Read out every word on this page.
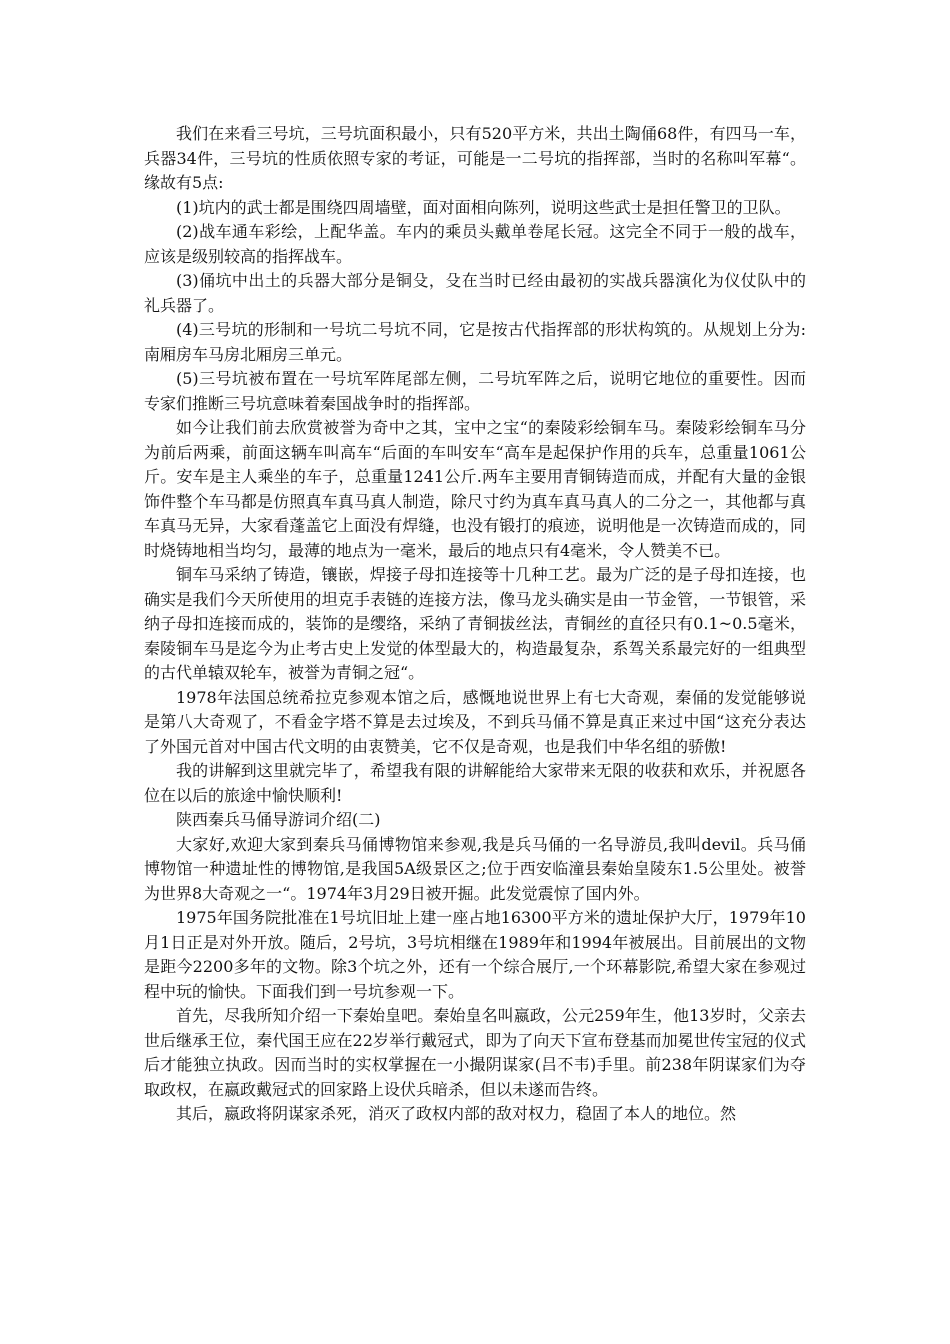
我们在来看三号坑，三号坑面积最小，只有520平方米，共出土陶俑68件，有四马一车，兵器34件，三号坑的性质依照专家的考证，可能是一二号坑的指挥部，当时的名称叫军幕“。缘故有5点:

(1)坑内的武士都是围绕四周墙壁，面对面相向陈列，说明这些武士是担任警卫的卫队。

(2)战车通车彩绘，上配华盖。车内的乘员头戴单卷尾长冠。这完全不同于一般的战车，应该是级别较高的指挥战车。

(3)俑坑中出土的兵器大部分是铜殳，殳在当时已经由最初的实战兵器演化为仪仗队中的礼兵器了。

(4)三号坑的形制和一号坑二号坑不同，它是按古代指挥部的形状构筑的。从规划上分为:南厢房车马房北厢房三单元。

(5)三号坑被布置在一号坑军阵尾部左侧，二号坑军阵之后，说明它地位的重要性。因而专家们推断三号坑意味着秦国战争时的指挥部。

如今让我们前去欣赏被誉为奇中之其，宝中之宝“的秦陵彩绘铜车马。秦陵彩绘铜车马分为前后两乘，前面这辆车叫高车“后面的车叫安车“高车是起保护作用的兵车，总重量1061公斤。安车是主人乘坐的车子，总重量1241公斤.两车主要用青铜铸造而成，并配有大量的金银饰件整个车马都是仿照真车真马真人制造，除尺寸约为真车真马真人的二分之一，其他都与真车真马无异，大家看蓬盖它上面没有焊缝，也没有锻打的痕迹，说明他是一次铸造而成的，同时烧铸地相当均匀，最薄的地点为一毫米，最后的地点只有4毫米，令人赞美不已。

铜车马采纳了铸造，镶嵌，焊接子母扣连接等十几种工艺。最为广泛的是子母扣连接，也确实是我们今天所使用的坦克手表链的连接方法，像马龙头确实是由一节金管，一节银管，采纳子母扣连接而成的，装饰的是缨络，采纳了青铜拔丝法，青铜丝的直径只有0.1~0.5毫米，秦陵铜车马是迄今为止考古史上发觉的体型最大的，构造最复杂，系驾关系最完好的一组典型的古代单辕双轮车，被誉为青铜之冠“。

1978年法国总统希拉克参观本馆之后，感慨地说世界上有七大奇观，秦俑的发觉能够说是第八大奇观了，不看金字塔不算是去过埃及，不到兵马俑不算是真正来过中国“这充分表达了外国元首对中国古代文明的由衷赞美，它不仅是奇观，也是我们中华名组的骄傲!

我的讲解到这里就完毕了，希望我有限的讲解能给大家带来无限的收获和欢乐，并祝愿各位在以后的旅途中愉快顺利!

陕西秦兵马俑导游词介绍(二)

大家好,欢迎大家到秦兵马俑博物馆来参观,我是兵马俑的一名导游员,我叫devil。兵马俑博物馆一种遗址性的博物馆,是我国5A级景区之;位于西安临潼县秦始皇陵东1.5公里处。被誉为世界8大奇观之一“。1974年3月29日被开掘。此发觉震惊了国内外。

1975年国务院批准在1号坑旧址上建一座占地16300平方米的遗址保护大厅，1979年10月1日正是对外开放。随后，2号坑，3号坑相继在1989年和1994年被展出。目前展出的文物是距今2200多年的文物。除3个坑之外，还有一个综合展厅,一个环幕影院,希望大家在参观过程中玩的愉快。下面我们到一号坑参观一下。

首先，尽我所知介绍一下秦始皇吧。秦始皇名叫嬴政，公元259年生，他13岁时，父亲去世后继承王位，秦代国王应在22岁举行戴冠式，即为了向天下宣布登基而加冕世传宝冠的仪式后才能独立执政。因而当时的实权掌握在一小撮阴谋家(吕不韦)手里。前238年阴谋家们为夺取政权，在嬴政戴冠式的回家路上设伏兵暗杀，但以未遂而告终。

其后，嬴政将阴谋家杀死，消灭了政权内部的敌对权力，稳固了本人的地位。然
